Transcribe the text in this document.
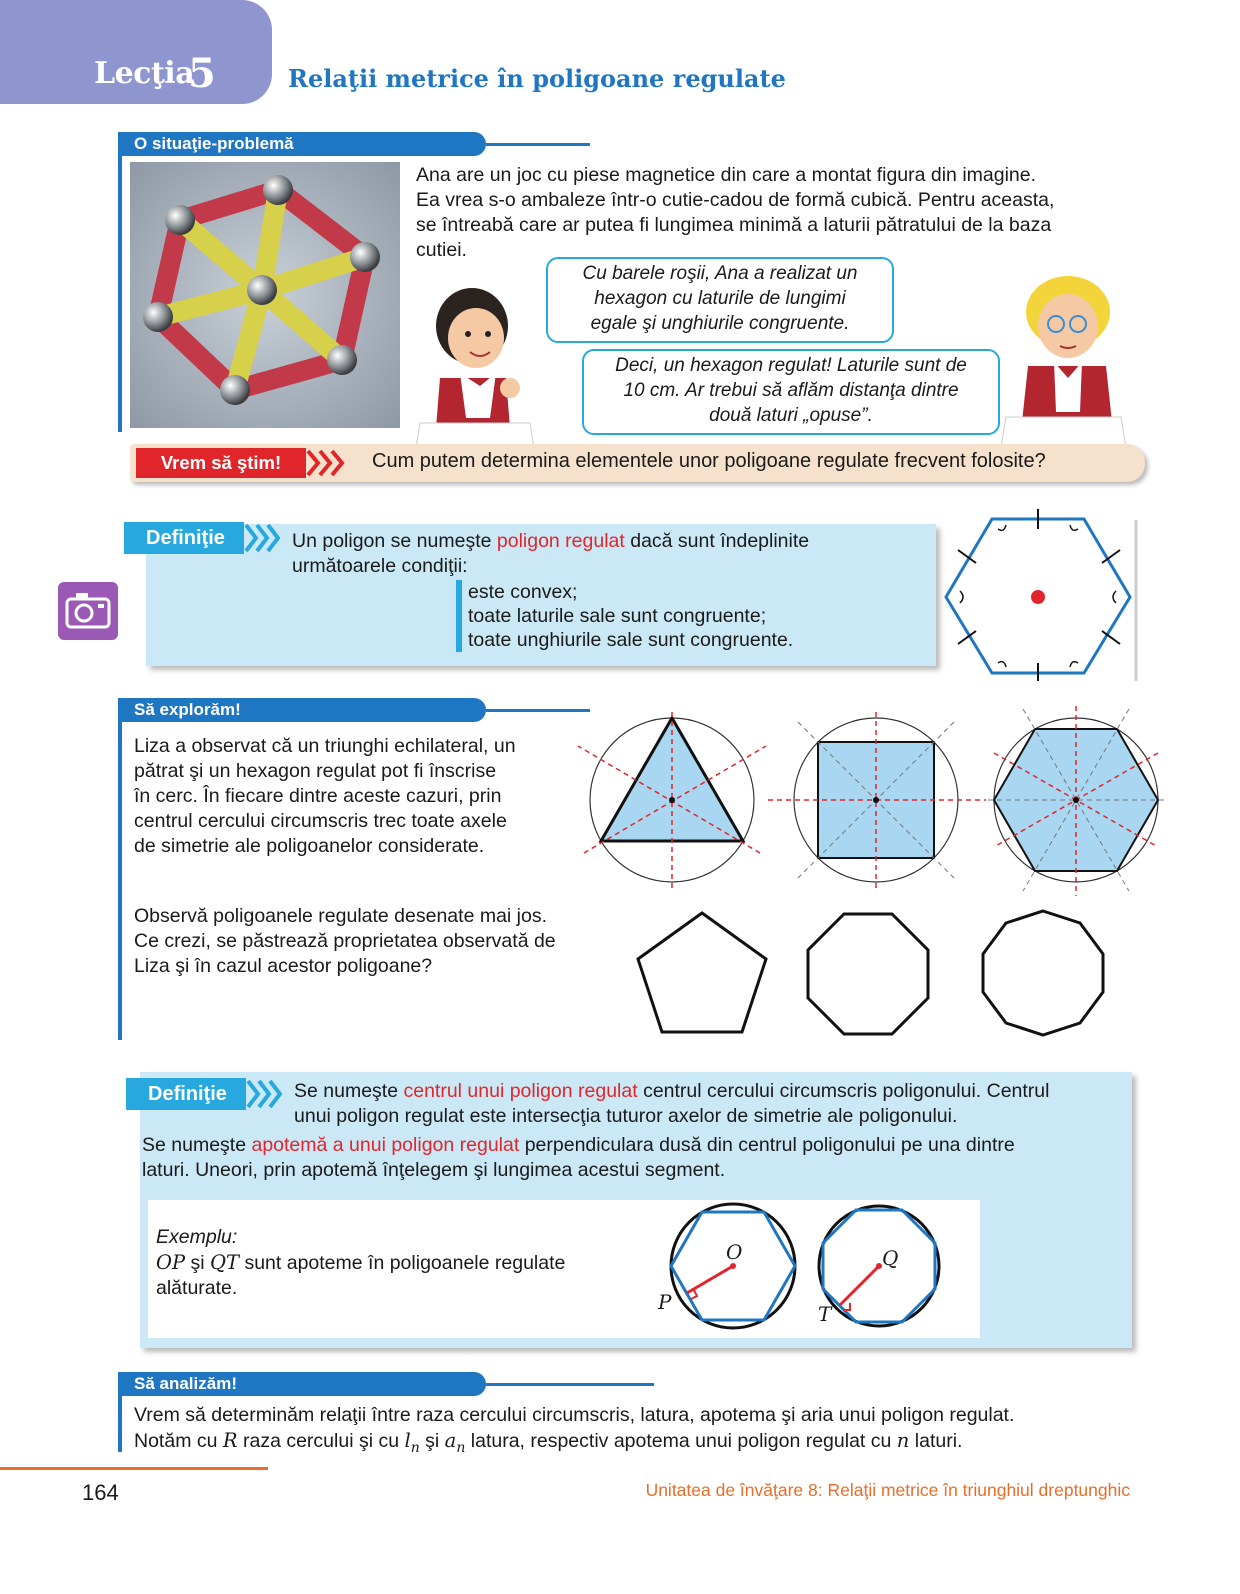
Lecţia
5	Relaţii metrice în poligoane regulate
O situaţie-problemă
Ana are un joc cu piese magnetice din care a montat figura din imagine.
Ea vrea s-o ambaleze într-o cutie-cadou de formă cubică. Pentru aceasta,
se întreabă care ar putea fi lungimea minimă a laturii pătratului de la baza
cutiei.
Cu barele roşii, Ana a realizat un
hexagon cu laturile de lungimi
egale şi unghiurile congruente.
Deci, un hexagon regulat! Laturile sunt de
10 cm. Ar trebui să aflăm distanţa dintre
două laturi „opuse”.
Vrem să ştim!	Cum putem determina elementele unor poligoane regulate frecvent folosite?
Definiţie	Un poligon se numeşte poligon regulat dacă sunt îndeplinite
următoarele condiţii:
este convex;
toate laturile sale sunt congruente;
toate unghiurile sale sunt congruente.
Să explorăm!
Liza a observat că un triunghi echilateral, un
pătrat şi un hexagon regulat pot fi înscrise
în cerc. În fiecare dintre aceste cazuri, prin
centrul cercului circumscris trec toate axele
de simetrie ale poligoanelor considerate.
Observă poligoanele regulate desenate mai jos.
Ce crezi, se păstrează proprietatea observată de
Liza şi în cazul acestor poligoane?
Definiţie	Se numeşte centrul unui poligon regulat centrul cercului circumscris poligonului. Centrul
unui poligon regulat este intersecţia tuturor axelor de simetrie ale poligonului.
Se numeşte apotemă a unui poligon regulat perpendiculara dusă din centrul poligonului pe una dintre
laturi. Uneori, prin apotemă înţelegem şi lungimea acestui segment.
Exemplu:
OP şi QT sunt apoteme în poligoanele regulate
alăturate.
O
P
Q
T
Să analizăm!
Vrem să determinăm relaţii între raza cercului circumscris, latura, apotema şi aria unui poligon regulat.
Notăm cu R raza cercului şi cu $l_n$ şi $a_n$ latura, respectiv apotema unui poligon regulat cu n laturi.
164	Unitatea de învăţare 8: Relaţii metrice în triunghiul dreptunghic
